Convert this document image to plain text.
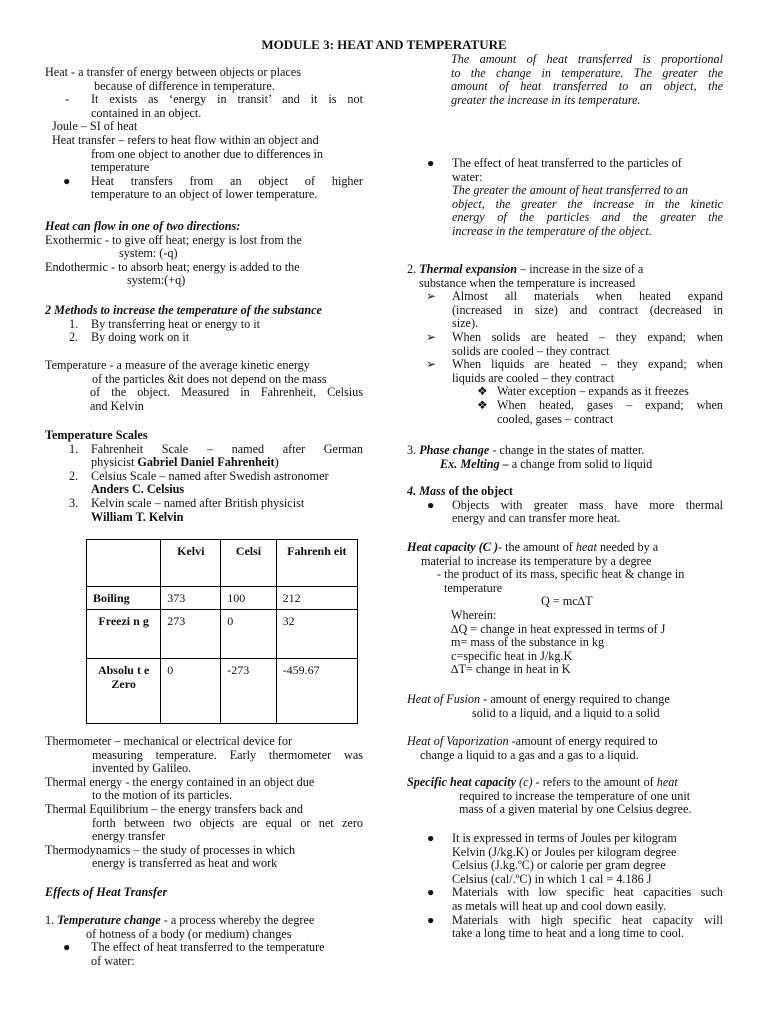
MODULE 3: HEAT AND TEMPERATURE
Heat - a transfer of energy between objects or places
because of difference in temperature.
- It exists as ‘energy in transit’ and it is not
contained in an object.
Joule – SI of heat
Heat transfer – refers to heat flow within an object and
from one object to another due to differences in
temperature
● Heat transfers from an object of higher
temperature to an object of lower temperature.
Heat can flow in one of two directions:
Exothermic - to give off heat; energy is lost from the
system: (-q)
Endothermic - to absorb heat; energy is added to the
system:(+q)
2 Methods to increase the temperature of the substance
1. By transferring heat or energy to it
2. By doing work on it
Temperature - a measure of the average kinetic energy
of the particles &it does not depend on the mass
of the object. Measured in Fahrenheit, Celsius
and Kelvin
Temperature Scales
1. Fahrenheit Scale – named after German
physicist Gabriel Daniel Fahrenheit)
2. Celsius Scale – named after Swedish astronomer
Anders C. Celsius
3. Kelvin scale – named after British physicist
William T. Kelvin
	Kelvi	Celsi	Fahrenh eit
Boiling	373	100	212
Freezi n g	273	0	32
Absolu t e Zero	0	-273	-459.67
Thermometer – mechanical or electrical device for
measuring temperature. Early thermometer was
invented by Galileo.
Thermal energy - the energy contained in an object due
to the motion of its particles.
Thermal Equilibrium – the energy transfers back and
forth between two objects are equal or net zero
energy transfer
Thermodynamics – the study of processes in which
energy is transferred as heat and work
Effects of Heat Transfer
1. Temperature change - a process whereby the degree
of hotness of a body (or medium) changes
● The effect of heat transferred to the temperature
of water:
The amount of heat transferred is proportional
to the change in temperature. The greater the
amount of heat transferred to an object, the
greater the increase in its temperature.
● The effect of heat transferred to the particles of
water:
The greater the amount of heat transferred to an
object, the greater the increase in the kinetic
energy of the particles and the greater the
increase in the temperature of the object.
2. Thermal expansion – increase in the size of a
substance when the temperature is increased
➢ Almost all materials when heated expand
(increased in size) and contract (decreased in
size).
➢ When solids are heated – they expand; when
solids are cooled – they contract
➢ When liquids are heated – they expand; when
liquids are cooled – they contract
❖ Water exception – expands as it freezes
❖ When heated, gases – expand; when
cooled, gases – contract
3. Phase change - change in the states of matter.
Ex. Melting – a change from solid to liquid
4. Mass of the object
● Objects with greater mass have more thermal
energy and can transfer more heat.
Heat capacity (C )- the amount of heat needed by a
material to increase its temperature by a degree
- the product of its mass, specific heat & change in
temperature
Q = mc∆T
Wherein:
∆Q = change in heat expressed in terms of J
m= mass of the substance in kg
c=specific heat in J/kg.K
∆T= change in heat in K
Heat of Fusion - amount of energy required to change
solid to a liquid, and a liquid to a solid
Heat of Vaporization -amount of energy required to
change a liquid to a gas and a gas to a liquid.
Specific heat capacity (c) - refers to the amount of heat
required to increase the temperature of one unit
mass of a given material by one Celsius degree.
● It is expressed in terms of Joules per kilogram
Kelvin (J/kg.K) or Joules per kilogram degree
Celsius (J.kg.ºC) or calorie per gram degree
Celsius (cal/.ºC) in which 1 cal = 4.186 J
● Materials with low specific heat capacities such
as metals will heat up and cool down easily.
● Materials with high specific heat capacity will
take a long time to heat and a long time to cool.
